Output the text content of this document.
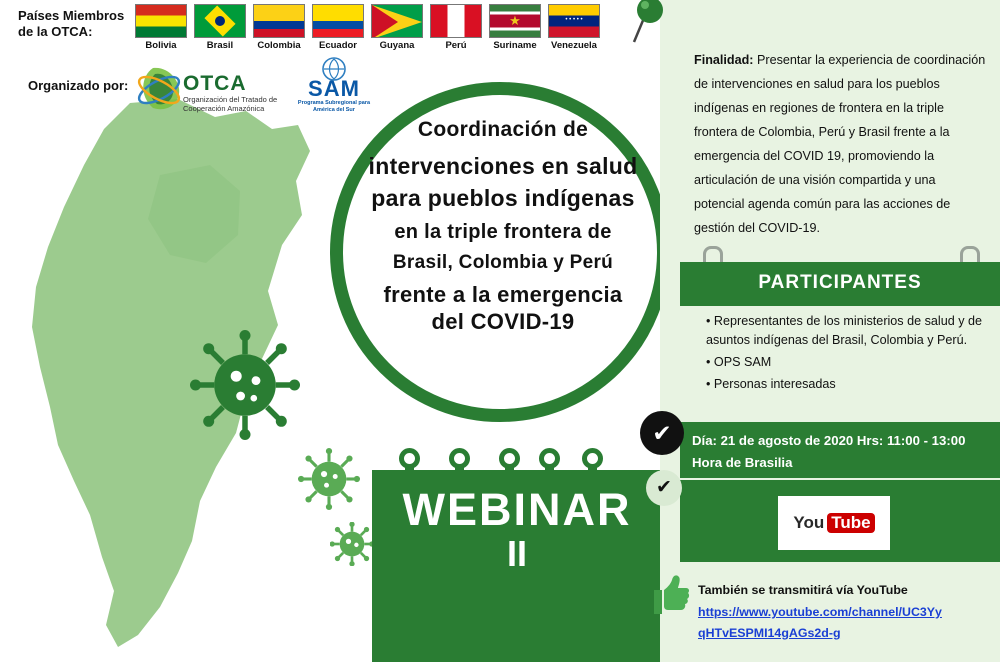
Países Miembros
de la OTCA:
Bolivia	Brasil	Colombia	Ecuador	Guyana	Perú
★	Suriname
• • •	Venezuela
Organizado por:	OTCA
Organización del Tratado de Cooperación Amazónica
SAM
Programa Subregional para América del Sur
Coordinación de
intervenciones en salud
para pueblos indígenas
en la triple frontera de
Brasil, Colombia y Perú
frente a la emergencia
del COVID-19
WEBINAR
II
Finalidad: Presentar la experiencia de coordinación de intervenciones en salud para los pueblos indígenas en regiones de frontera en la triple frontera de Colombia, Perú y Brasil frente a la emergencia del COVID 19, promoviendo la articulación de una visión compartida y una potencial agenda común para las acciones de gestión del COVID-19.
PARTICIPANTES
• Representantes de los ministerios de salud y de asuntos indígenas del Brasil, Colombia y Perú.
• OPS SAM
• Personas interesadas
✔	Día: 21 de agosto de 2020 Hrs: 11:00 - 13:00
Hora de Brasilia
✔
You Tube
También se transmitirá vía YouTube
https://www.youtube.com/channel/UC3Yy
qHTvESPMI14gAGs2d-g
